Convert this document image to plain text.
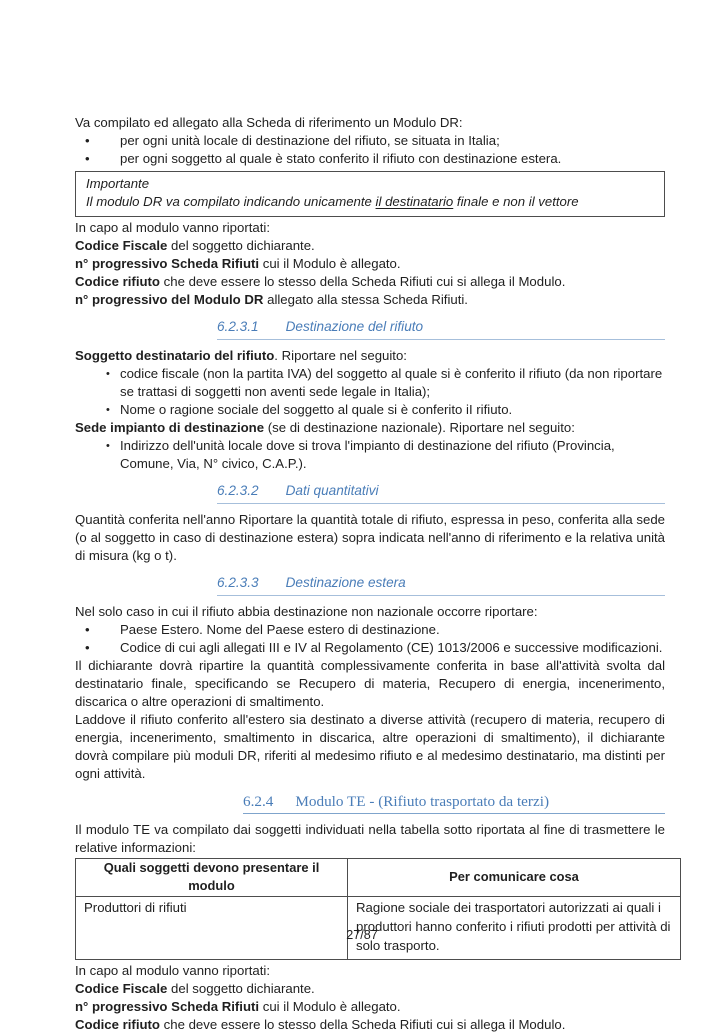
Va compilato ed allegato alla Scheda di riferimento un Modulo DR:

• per ogni unità locale di destinazione del rifiuto, se situata in Italia;
• per ogni soggetto al quale è stato conferito il rifiuto con destinazione estera.
Importante
Il modulo DR va compilato indicando unicamente il destinatario finale e non il vettore

In capo al modulo vanno riportati:

Codice Fiscale del soggetto dichiarante.

n° progressivo Scheda Rifiuti cui il Modulo è allegato.

Codice rifiuto che deve essere lo stesso della Scheda Rifiuti cui si allega il Modulo.

n° progressivo del Modulo DR allegato alla stessa Scheda Rifiuti.

6.2.3.1 Destinazione del rifiuto

Soggetto destinatario del rifiuto. Riportare nel seguito:

• codice fiscale (non la partita IVA) del soggetto al quale si è conferito il rifiuto (da non riportare se trattasi di soggetti non aventi sede legale in Italia);
• Nome o ragione sociale del soggetto al quale si è conferito iI rifiuto.

Sede impianto di destinazione (se di destinazione nazionale). Riportare nel seguito:

• Indirizzo dell'unità locale dove si trova l'impianto di destinazione del rifiuto (Provincia, Comune, Via, N° civico, C.A.P.).
6.2.3.2 Dati quantitativi

Quantità conferita nell'anno Riportare la quantità totale di rifiuto, espressa in peso, conferita alla sede (o al soggetto in caso di destinazione estera) sopra indicata nell'anno di riferimento e la relativa unità di misura (kg o t).

6.2.3.3 Destinazione estera

Nel solo caso in cui il rifiuto abbia destinazione non nazionale occorre riportare:

• Paese Estero. Nome del Paese estero di destinazione.
• Codice di cui agli allegati III e IV al Regolamento (CE) 1013/2006 e successive modificazioni.

Il dichiarante dovrà ripartire la quantità complessivamente conferita in base all'attività svolta dal destinatario finale, specificando se Recupero di materia, Recupero di energia, incenerimento, discarica o altre operazioni di smaltimento.

Laddove il rifiuto conferito all'estero sia destinato a diverse attività (recupero di materia, recupero di energia, incenerimento, smaltimento in discarica, altre operazioni di smaltimento), il dichiarante dovrà compilare più moduli DR, riferiti al medesimo rifiuto e al medesimo destinatario, ma distinti per ogni attività.

6.2.4 Modulo TE - (Rifiuto trasportato da terzi)

Il modulo TE va compilato dai soggetti individuati nella tabella sotto riportata al fine di trasmettere le relative informazioni:

Quali soggetti devono presentare il modulo	Per comunicare cosa
Produttori di rifiuti	Ragione sociale dei trasportatori autorizzati ai quali i produttori hanno conferito i rifiuti prodotti per attività di solo trasporto.

In capo al modulo vanno riportati:

Codice Fiscale del soggetto dichiarante.

n° progressivo Scheda Rifiuti cui il Modulo è allegato.

Codice rifiuto che deve essere lo stesso della Scheda Rifiuti cui si allega il Modulo.

27/87
